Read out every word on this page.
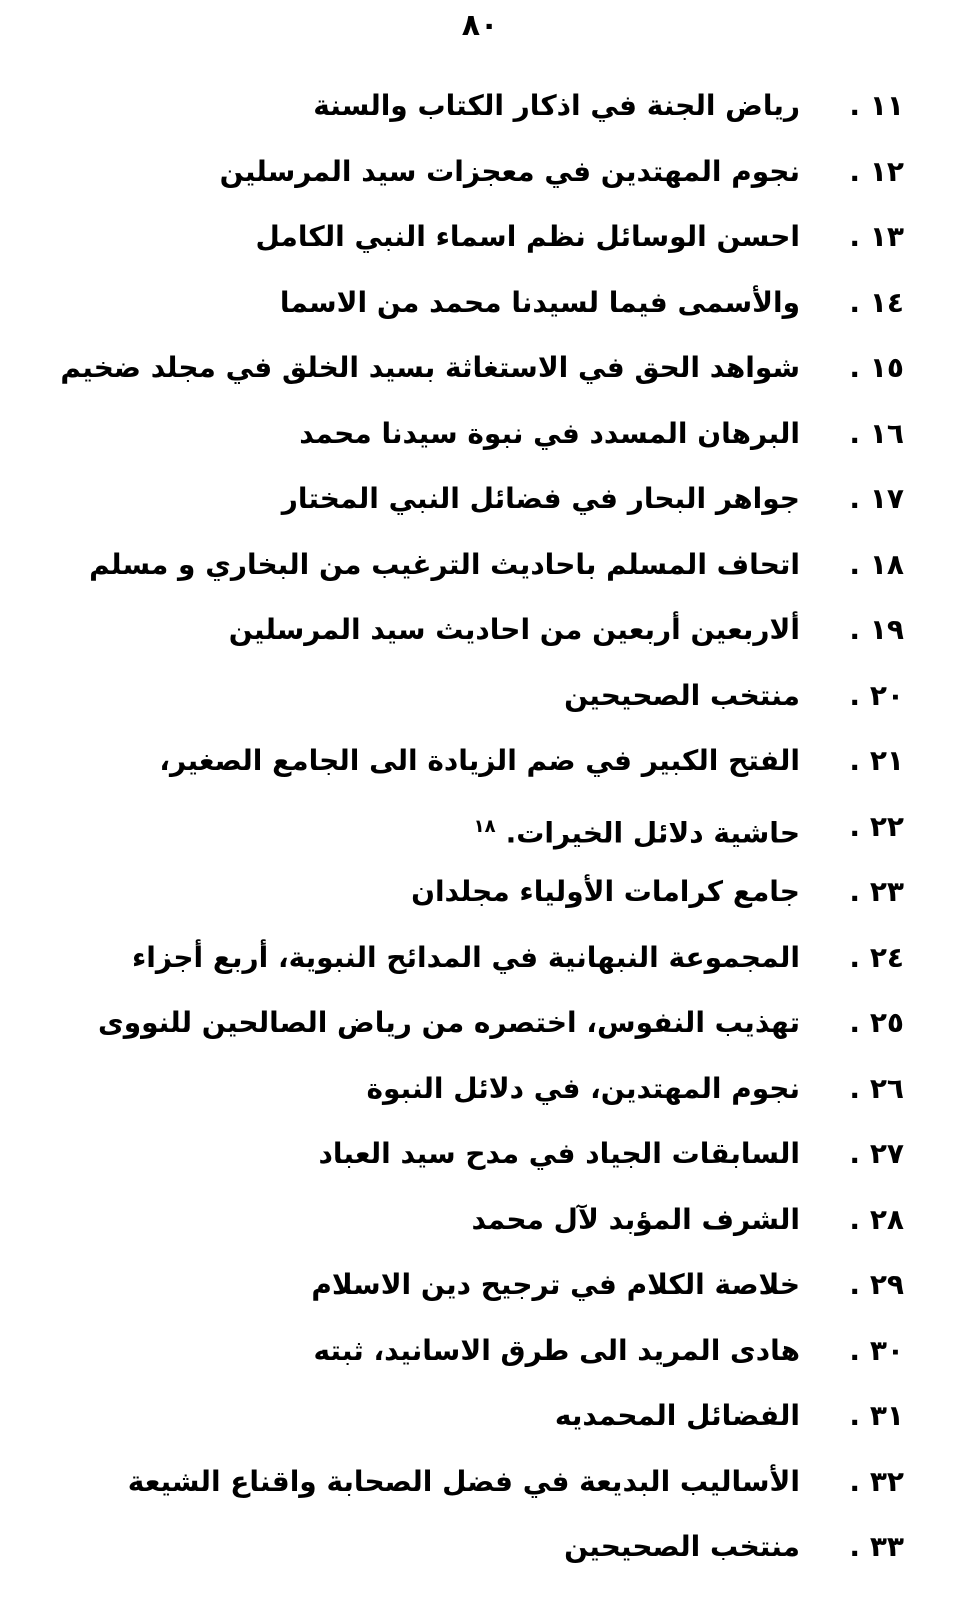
٨٠
١١ .
رياض الجنة في اذكار الكتاب والسنة
١٢ .
نجوم المهتدين في معجزات سيد المرسلين
١٣ .
احسن الوسائل نظم اسماء النبي الكامل
١٤ .
والأسمى فيما لسيدنا محمد من الاسما
١٥ .
شواهد الحق في الاستغاثة بسيد الخلق في مجلد ضخيم
١٦ .
البرهان المسدد في نبوة سيدنا محمد
١٧ .
جواهر البحار في فضائل النبي المختار
١٨ .
اتحاف المسلم باحاديث الترغيب من البخاري و مسلم
١٩ .
ألاربعين أربعين من احاديث سيد المرسلين
٢٠ .
منتخب الصحيحين
٢١ .
الفتح الكبير في ضم الزيادة الى الجامع الصغير،
٢٢ .
حاشية دلائل الخيرات.$^{١٨}$
٢٣ .
جامع كرامات الأولياء مجلدان
٢٤ .
المجموعة النبهانية في المدائح النبوية، أربع أجزاء
٢٥ .
تهذيب النفوس، اختصره من رياض الصالحين للنووى
٢٦ .
نجوم المهتدين، في دلائل النبوة
٢٧ .
السابقات الجياد في مدح سيد العباد
٢٨ .
الشرف المؤبد لآل محمد
٢٩ .
خلاصة الكلام في ترجيح دين الاسلام
٣٠ .
هادى المريد الى طرق الاسانيد، ثبته
٣١ .
الفضائل المحمديه
٣٢ .
الأساليب البديعة في فضل الصحابة واقناع الشيعة
٣٣ .
منتخب الصحيحين
